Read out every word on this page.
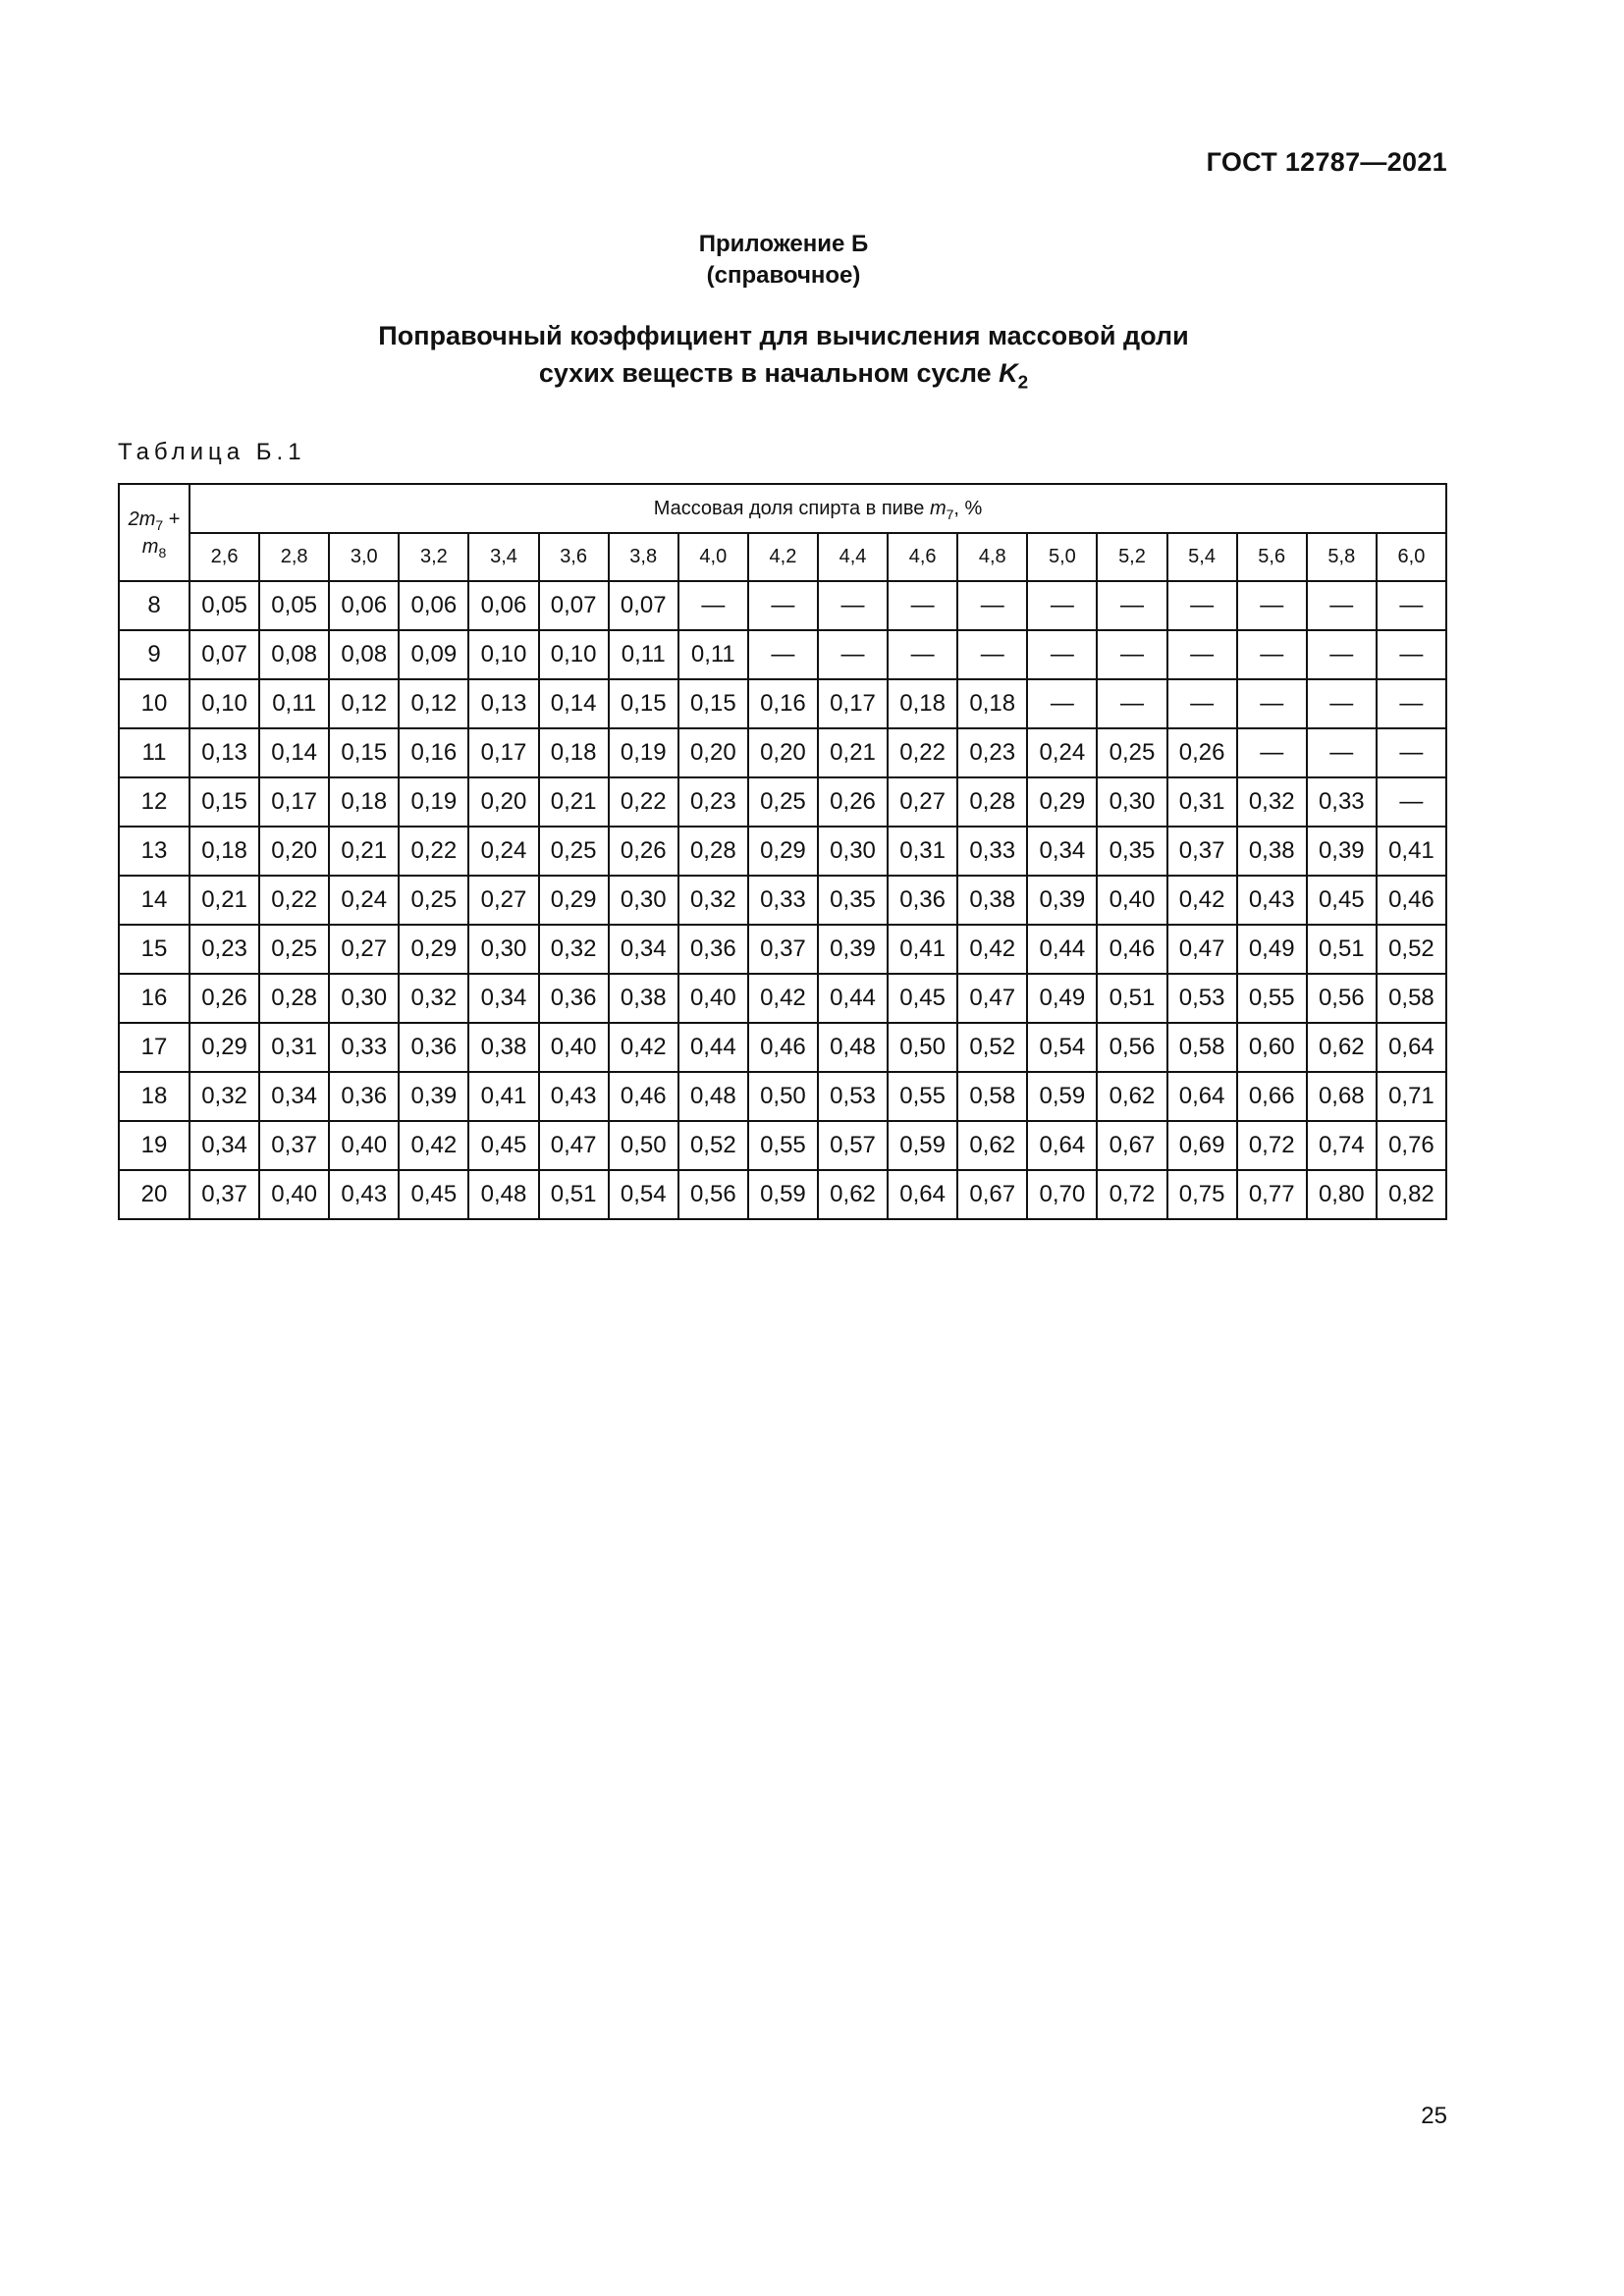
ГОСТ 12787—2021
Приложение Б
(справочное)
Поправочный коэффициент для вычисления массовой доли
сухих веществ в начальном сусле $K_2$
Таблица Б.1
$2m_7$ +
$m_8$	Массовая доля спирта в пиве $m_7$, %																	
	2,6	2,8	3,0	3,2	3,4	3,6	3,8	4,0	4,2	4,4	4,6	4,8	5,0	5,2	5,4	5,6	5,8	6,0
8	0,05	0,05	0,06	0,06	0,06	0,07	0,07	—	—	—	—	—	—	—	—	—	—	—
9	0,07	0,08	0,08	0,09	0,10	0,10	0,11	0,11	—	—	—	—	—	—	—	—	—	—
10	0,10	0,11	0,12	0,12	0,13	0,14	0,15	0,15	0,16	0,17	0,18	0,18	—	—	—	—	—	—
11	0,13	0,14	0,15	0,16	0,17	0,18	0,19	0,20	0,20	0,21	0,22	0,23	0,24	0,25	0,26	—	—	—
12	0,15	0,17	0,18	0,19	0,20	0,21	0,22	0,23	0,25	0,26	0,27	0,28	0,29	0,30	0,31	0,32	0,33	—
13	0,18	0,20	0,21	0,22	0,24	0,25	0,26	0,28	0,29	0,30	0,31	0,33	0,34	0,35	0,37	0,38	0,39	0,41
14	0,21	0,22	0,24	0,25	0,27	0,29	0,30	0,32	0,33	0,35	0,36	0,38	0,39	0,40	0,42	0,43	0,45	0,46
15	0,23	0,25	0,27	0,29	0,30	0,32	0,34	0,36	0,37	0,39	0,41	0,42	0,44	0,46	0,47	0,49	0,51	0,52
16	0,26	0,28	0,30	0,32	0,34	0,36	0,38	0,40	0,42	0,44	0,45	0,47	0,49	0,51	0,53	0,55	0,56	0,58
17	0,29	0,31	0,33	0,36	0,38	0,40	0,42	0,44	0,46	0,48	0,50	0,52	0,54	0,56	0,58	0,60	0,62	0,64
18	0,32	0,34	0,36	0,39	0,41	0,43	0,46	0,48	0,50	0,53	0,55	0,58	0,59	0,62	0,64	0,66	0,68	0,71
19	0,34	0,37	0,40	0,42	0,45	0,47	0,50	0,52	0,55	0,57	0,59	0,62	0,64	0,67	0,69	0,72	0,74	0,76
20	0,37	0,40	0,43	0,45	0,48	0,51	0,54	0,56	0,59	0,62	0,64	0,67	0,70	0,72	0,75	0,77	0,80	0,82
25
